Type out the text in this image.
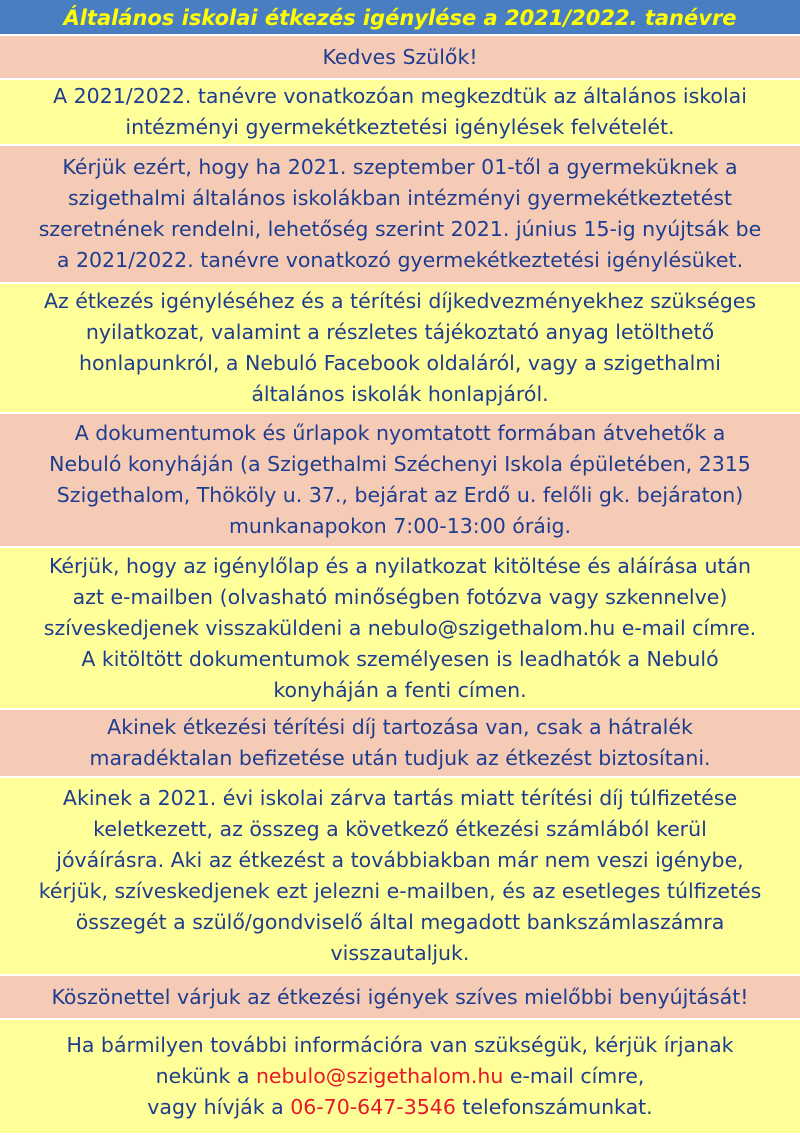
Általános iskolai étkezés igénylése a 2021/2022. tanévre
Kedves Szülők!
A 2021/2022. tanévre vonatkozóan megkezdtük az általános iskolai
intézményi gyermekétkeztetési igénylések felvételét.
Kérjük ezért, hogy ha 2021. szeptember 01-től a gyermeküknek a
szigethalmi általános iskolákban intézményi gyermekétkeztetést
szeretnének rendelni, lehetőség szerint 2021. június 15-ig nyújtsák be
a 2021/2022. tanévre vonatkozó gyermekétkeztetési igénylésüket.
Az étkezés igényléséhez és a térítési díjkedvezményekhez szükséges
nyilatkozat, valamint a részletes tájékoztató anyag letölthető
honlapunkról, a Nebuló Facebook oldaláról, vagy a szigethalmi
általános iskolák honlapjáról.
A dokumentumok és űrlapok nyomtatott formában átvehetők a
Nebuló konyháján (a Szigethalmi Széchenyi Iskola épületében, 2315
Szigethalom, Thököly u. 37., bejárat az Erdő u. felőli gk. bejáraton)
munkanapokon 7:00-13:00 óráig.
Kérjük, hogy az igénylőlap és a nyilatkozat kitöltése és aláírása után
azt e-mailben (olvasható minőségben fotózva vagy szkennelve)
szíveskedjenek visszaküldeni a nebulo@szigethalom.hu e-mail címre.
A kitöltött dokumentumok személyesen is leadhatók a Nebuló
konyháján a fenti címen.
Akinek étkezési térítési díj tartozása van, csak a hátralék
maradéktalan befizetése után tudjuk az étkezést biztosítani.
Akinek a 2021. évi iskolai zárva tartás miatt térítési díj túlfizetése
keletkezett, az összeg a következő étkezési számlából kerül
jóváírásra. Aki az étkezést a továbbiakban már nem veszi igénybe,
kérjük, szíveskedjenek ezt jelezni e-mailben, és az esetleges túlfizetés
összegét a szülő/gondviselő által megadott bankszámlaszámra
visszautaljuk.
Köszönettel várjuk az étkezési igények szíves mielőbbi benyújtását!
Ha bármilyen további információra van szükségük, kérjük írjanak
nekünk a nebulo@szigethalom.hu e-mail címre,
vagy hívják a 06-70-647-3546 telefonszámunkat.
